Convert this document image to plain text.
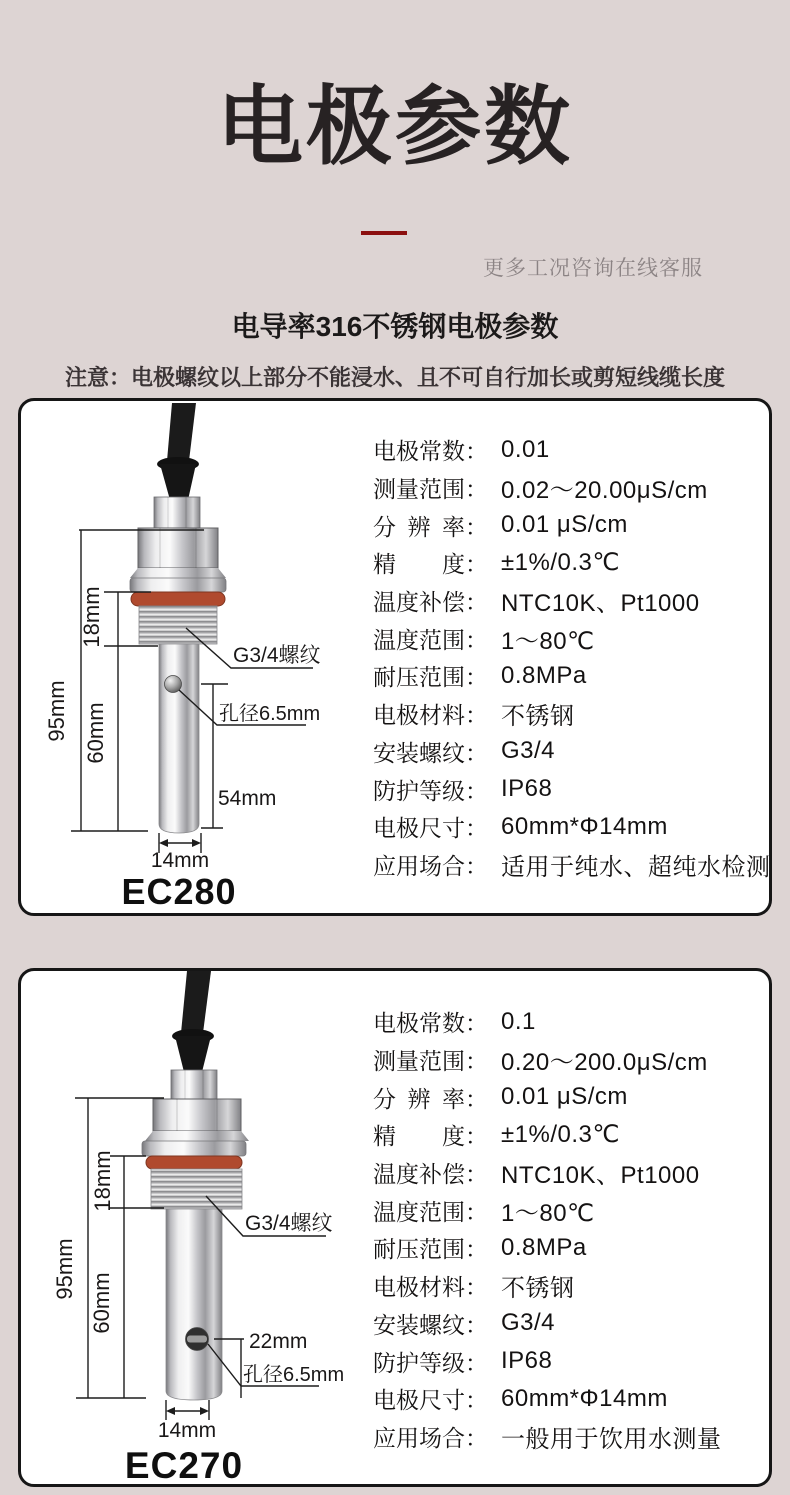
电极参数
更多工况咨询在线客服
电导率316不锈钢电极参数
注意：电极螺纹以上部分不能浸水、且不可自行加长或剪短线缆长度
95mm
18mm
60mm
54mm
14mm
G3/4螺纹
孔径6.5mm
EC280
电极常数 ： 0.01
测量范围 ： 0.02～20.00μS/cm
分辨率 ： 0.01 μS/cm
精度 ： ±1%/0.3℃
温度补偿 ： NTC10K、Pt1000
温度范围 ： 1～80℃
耐压范围 ： 0.8MPa
电极材料 ： 不锈钢
安装螺纹 ： G3/4
防护等级 ： IP68
电极尺寸 ： 60mm*Φ14mm
应用场合 ： 适用于纯水、超纯水检测
95mm
18mm
60mm
22mm
14mm
G3/4螺纹
孔径6.5mm
EC270
电极常数 ： 0.1
测量范围 ： 0.20～200.0μS/cm
分辨率 ： 0.01 μS/cm
精度 ： ±1%/0.3℃
温度补偿 ： NTC10K、Pt1000
温度范围 ： 1～80℃
耐压范围 ： 0.8MPa
电极材料 ： 不锈钢
安装螺纹 ： G3/4
防护等级 ： IP68
电极尺寸 ： 60mm*Φ14mm
应用场合 ： 一般用于饮用水测量
